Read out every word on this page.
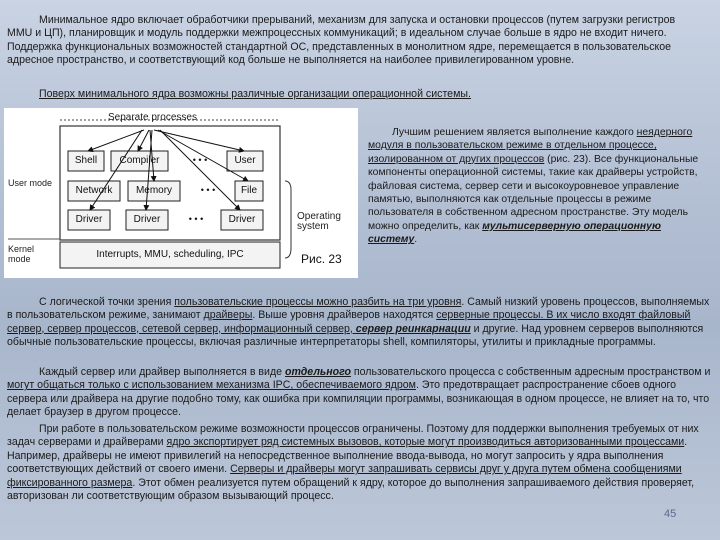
Минимальное ядро включает обработчики прерываний, механизм для запуска и остановки процессов (путем загрузки регистров ММU и ЦП), планировщик и модуль поддержки межпроцессных коммуникаций; в идеальном случае больше в ядро не входит ничего. Поддержка функциональных возможностей стандартной ОС, представленных в монолитном ядре, перемещается в пользовательское адресное пространство, и соответствующий код больше не выполняется на наиболее привилегированном уровне.

Поверх минимального ядра возможны различные организации операционной системы.

Separate processes
User mode
Kernel mode
Operating system
Shell	Compiler	User
Network	Memory	File
Driver	Driver	Driver
Interrupts, MMU, scheduling, IPC
• • •
• • •
• • •
Рис. 23

Лучшим решением является выполнение каждого неядерного модуля в пользовательском режиме в отдельном процессе, изолированном от других процессов (рис. 23). Все функциональные компоненты операционной системы, такие как драйверы устройств, файловая система, сервер сети и высокоуровневое управление памятью, выполняются как отдельные процессы в режиме пользователя в собственном адресном пространстве. Эту модель можно определить, как мультисерверную операционную систему.

С логической точки зрения пользовательские процессы можно разбить на три уровня. Самый низкий уровень процессов, выполняемых в пользовательском режиме, занимают драйверы. Выше уровня драйверов находятся серверные процессы. В их число входят файловый сервер, сервер процессов, сетевой сервер, информационный сервер, сервер реинкарнации и другие. Над уровнем серверов выполняются обычные пользовательские процессы, включая различные интерпретаторы shell, компиляторы, утилиты и прикладные программы.

Каждый сервер или драйвер выполняется в виде отдельного пользовательского процесса с собственным адресным пространством и могут общаться только с использованием механизма IPC, обеспечиваемого ядром. Это предотвращает распространение сбоев одного сервера или драйвера на другие подобно тому, как ошибка при компиляции программы, возникающая в одном процессе, не влияет на то, что делает браузер в другом процессе.

При работе в пользовательском режиме возможности процессов ограничены. Поэтому для поддержки выполнения требуемых от них задач серверами и драйверами ядро экспортирует ряд системных вызовов, которые могут производиться авторизованными процессами. Например, драйверы не имеют привилегий на непосредственное выполнение ввода-вывода, но могут запросить у ядра выполнения соответствующих действий от своего имени. Серверы и драйверы могут запрашивать сервисы друг у друга путем обмена сообщениями фиксированного размера. Этот обмен реализуется путем обращений к ядру, которое до выполнения запрашиваемого действия проверяет, авторизован ли соответствующим образом вызывающий процесс.

45
